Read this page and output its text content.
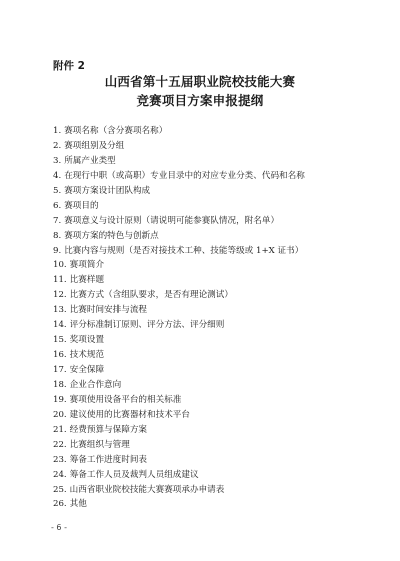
附件 2
山西省第十五届职业院校技能大赛
竞赛项目方案申报提纲
1. 赛项名称（含分赛项名称）
2. 赛项组别及分组
3. 所属产业类型
4. 在现行中职（或高职）专业目录中的对应专业分类、代码和名称
5. 赛项方案设计团队构成
6. 赛项目的
7. 赛项意义与设计原则（请说明可能参赛队情况，附名单）
8. 赛项方案的特色与创新点
9. 比赛内容与规则（是否对接技术工种、技能等级或 1+X 证书）
10. 赛项简介
11. 比赛样题
12. 比赛方式（含组队要求，是否有理论测试）
13. 比赛时间安排与流程
14. 评分标准制订原则、评分方法、评分细则
15. 奖项设置
16. 技术规范
17. 安全保障
18. 企业合作意向
19. 赛项使用设备平台的相关标准
20. 建议使用的比赛器材和技术平台
21. 经费预算与保障方案
22. 比赛组织与管理
23. 筹备工作进度时间表
24. 筹备工作人员及裁判人员组成建议
25. 山西省职业院校技能大赛赛项承办申请表
26. 其他
- 6 -
